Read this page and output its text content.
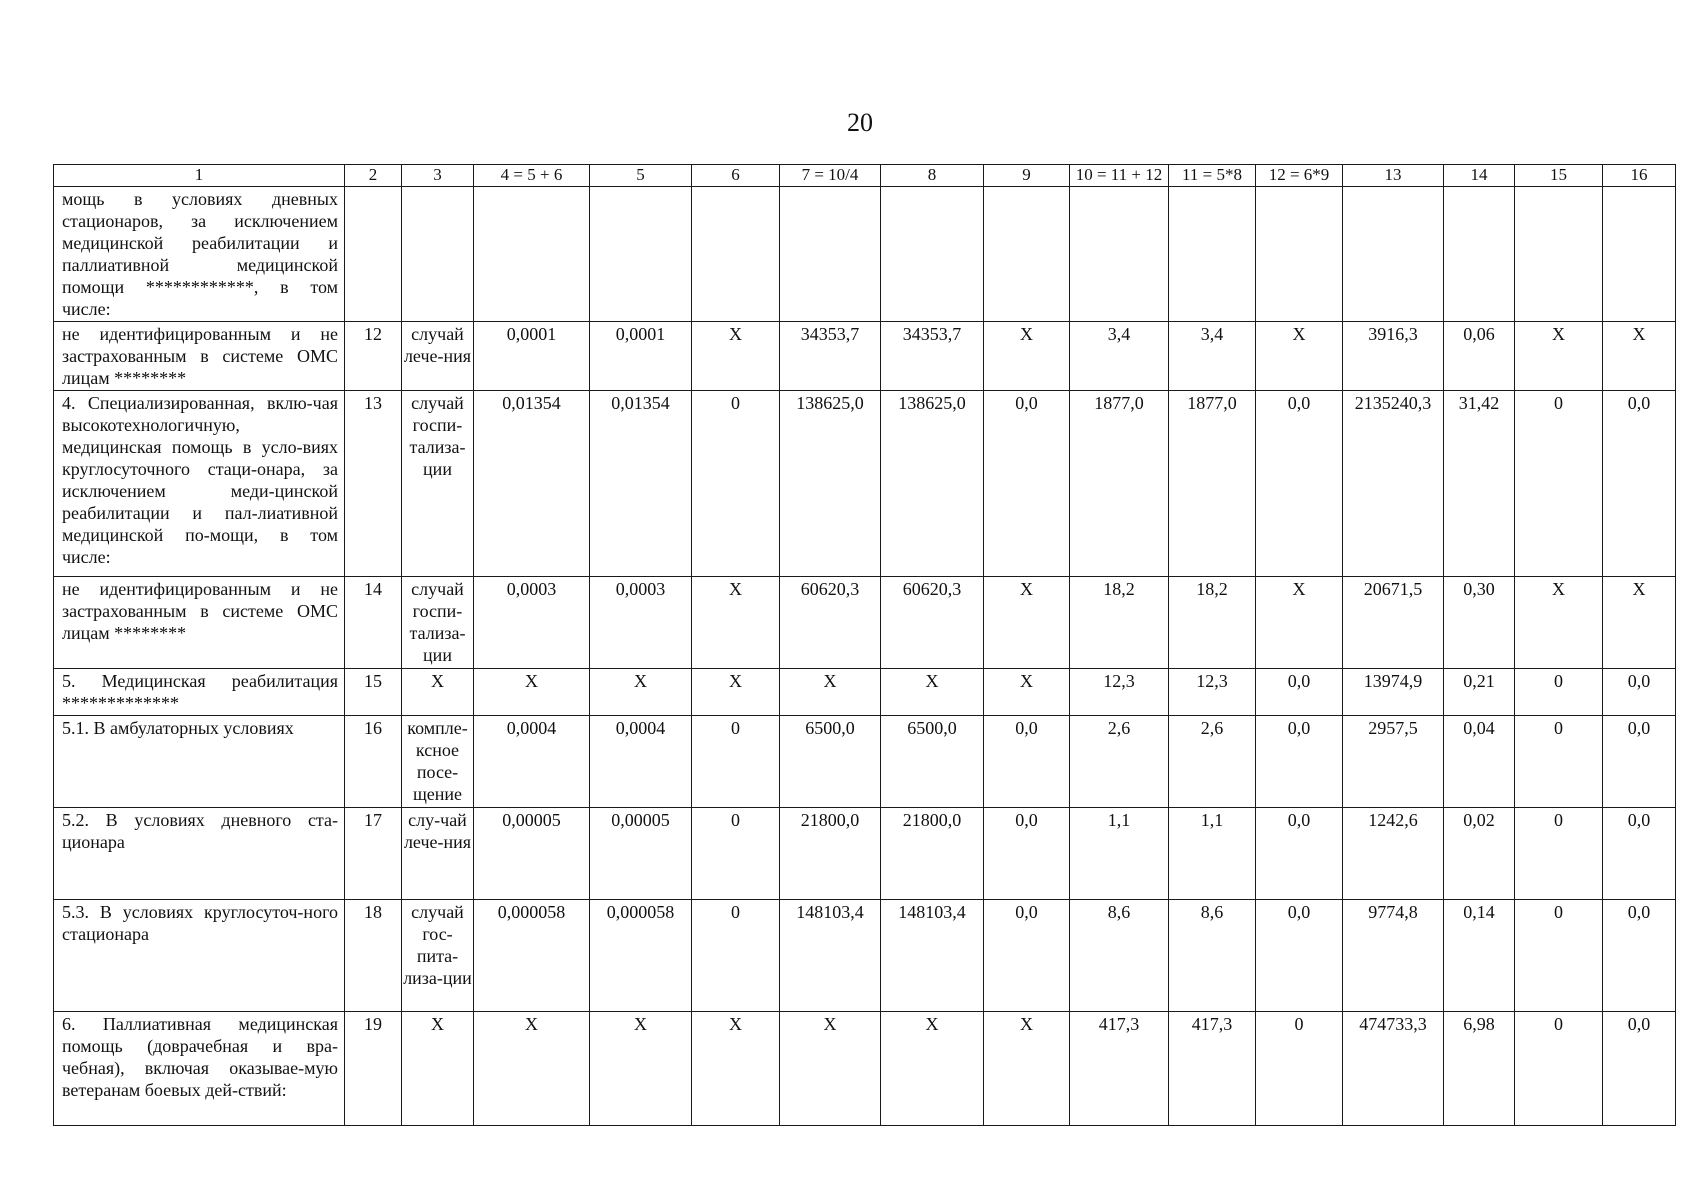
20
1	2	3	4 = 5 + 6	5	6	7 = 10/4	8	9	10 = 11 + 12	11 = 5*8	12 = 6*9	13	14	15	16
мощь в условиях дневных стационаров, за исключением медицинской реабилитации и паллиативной медицинской помощи ************, в том числе:															
не идентифицированным и не застрахованным в системе ОМС лицам ********	12	случай лече-ния	0,0001	0,0001	X	34353,7	34353,7	X	3,4	3,4	X	3916,3	0,06	X	X
4. Специализированная, вклю-чая высокотехнологичную, медицинская помощь в усло-виях круглосуточного стаци-онара, за исключением меди-цинской реабилитации и пал-лиативной медицинской по-мощи, в том числе:	13	случай госпи-тализа-ции	0,01354	0,01354	0	138625,0	138625,0	0,0	1877,0	1877,0	0,0	2135240,3	31,42	0	0,0
не идентифицированным и не застрахованным в системе ОМС лицам ********	14	случай госпи-тализа-ции	0,0003	0,0003	X	60620,3	60620,3	X	18,2	18,2	X	20671,5	0,30	X	X
5. Медицинская реабилитация *************	15	X	X	X	X	X	X	X	12,3	12,3	0,0	13974,9	0,21	0	0,0
5.1. В амбулаторных условиях	16	компле-ксное посе-щение	0,0004	0,0004	0	6500,0	6500,0	0,0	2,6	2,6	0,0	2957,5	0,04	0	0,0
5.2. В условиях дневного ста-ционара	17	слу-чай лече-ния	0,00005	0,00005	0	21800,0	21800,0	0,0	1,1	1,1	0,0	1242,6	0,02	0	0,0
5.3. В условиях круглосуточ-ного стационара	18	случай гос-пита-лиза-ции	0,000058	0,000058	0	148103,4	148103,4	0,0	8,6	8,6	0,0	9774,8	0,14	0	0,0
6. Паллиативная медицинская помощь (доврачебная и вра-чебная), включая оказывае-мую ветеранам боевых дей-ствий:	19	X	X	X	X	X	X	X	417,3	417,3	0	474733,3	6,98	0	0,0
